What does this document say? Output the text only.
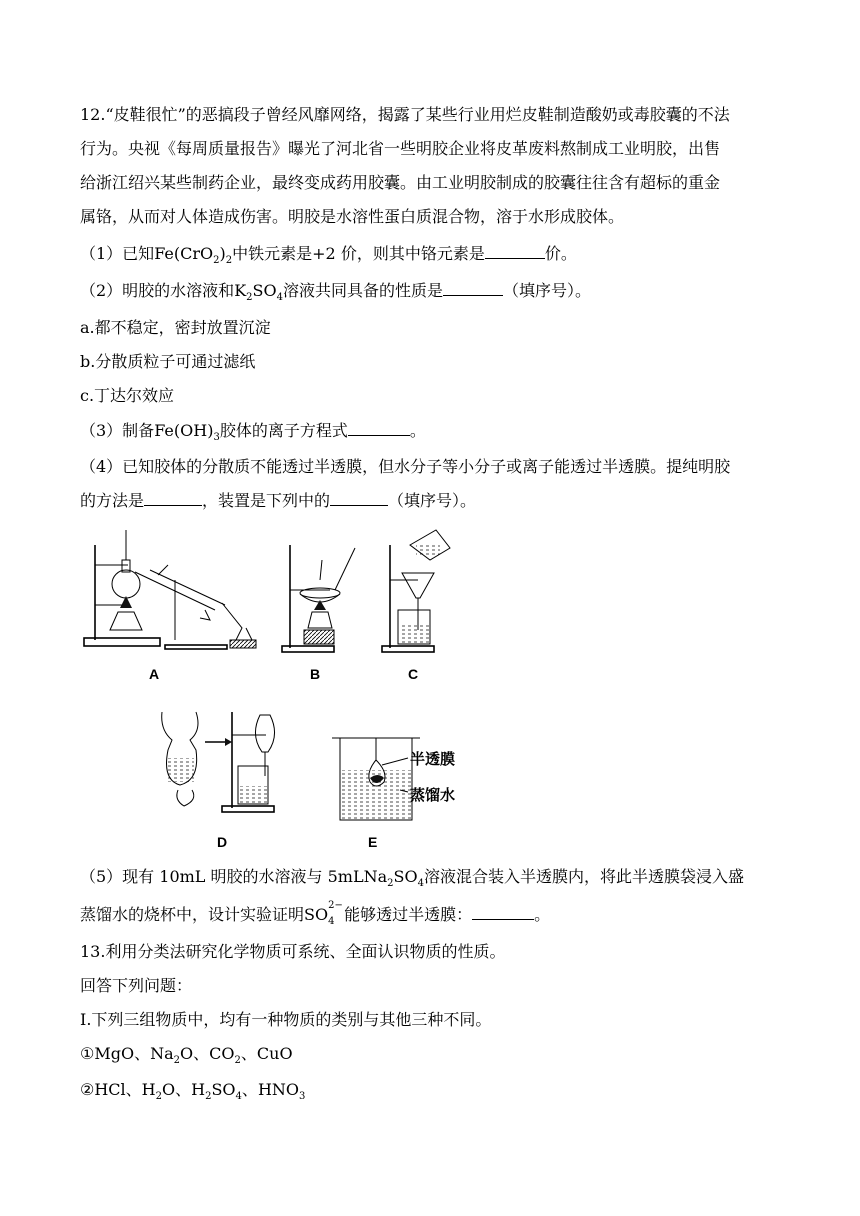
12.“皮鞋很忙”的恶搞段子曾经风靡网络，揭露了某些行业用烂皮鞋制造酸奶或毒胶囊的不法
行为。央视《每周质量报告》曝光了河北省一些明胶企业将皮革废料熬制成工业明胶，出售
给浙江绍兴某些制药企业，最终变成药用胶囊。由工业明胶制成的胶囊往往含有超标的重金
属铬，从而对人体造成伤害。明胶是水溶性蛋白质混合物，溶于水形成胶体。
（1）已知$Fe(CrO_2)_2$中铁元素是+2 价，则其中铬元素是	价。
（2）明胶的水溶液和$K_2SO_4$溶液共同具备的性质是	（填序号）。
a.都不稳定，密封放置沉淀
b.分散质粒子可通过滤纸
c.丁达尔效应
（3）制备$Fe(OH)_3$胶体的离子方程式	。
（4）已知胶体的分散质不能透过半透膜，但水分子等小分子或离子能透过半透膜。提纯明胶
的方法是	，装置是下列中的	（填序号）。
A	B	C
D	E
半透膜
蒸馏水
（5）现有 10mL 明胶的水溶液与 $5mLNa_2SO_4$溶液混合装入半透膜内，将此半透膜袋浸入盛
蒸馏水的烧杯中，设计实验证明SO 2−
4 能够透过半透膜：	。
13.利用分类法研究化学物质可系统、全面认识物质的性质。
回答下列问题：
I.下列三组物质中，均有一种物质的类别与其他三种不同。
①MgO、$Na_2O$、$CO_2$、CuO
②HCl、$H_2O$、$H_2SO_4$、$HNO_3$
